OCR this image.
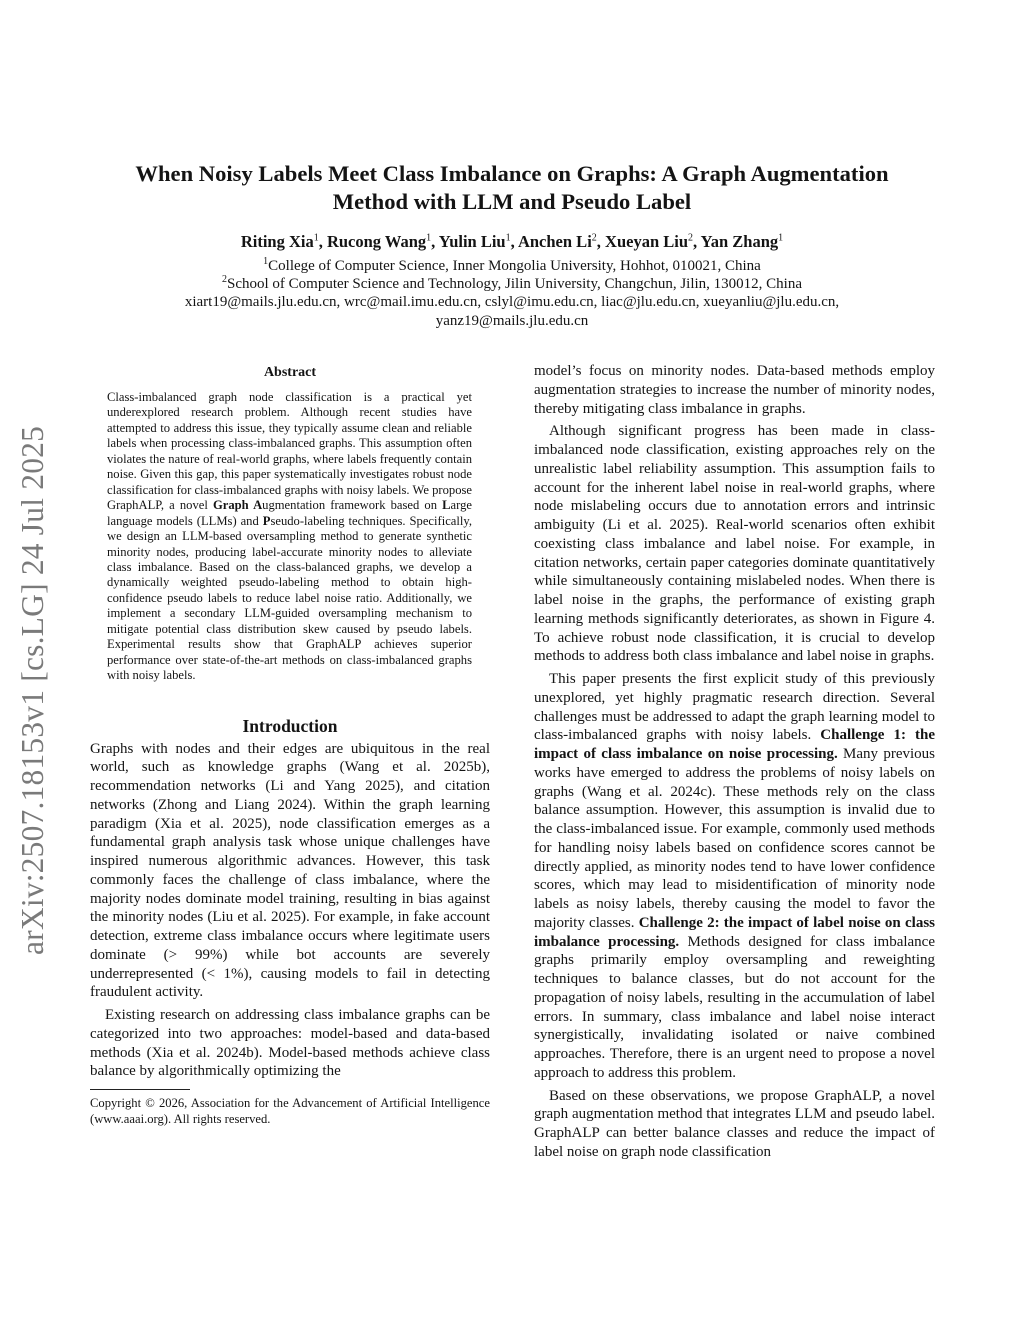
arXiv:2507.18153v1 [cs.LG] 24 Jul 2025
When Noisy Labels Meet Class Imbalance on Graphs: A Graph Augmentation Method with LLM and Pseudo Label
Riting Xia$^1$, Rucong Wang$^1$, Yulin Liu$^1$, Anchen Li$^2$, Xueyan Liu$^2$, Yan Zhang$^1$
$^1$College of Computer Science, Inner Mongolia University, Hohhot, 010021, China
$^2$School of Computer Science and Technology, Jilin University, Changchun, Jilin, 130012, China
xiart19@mails.jlu.edu.cn, wrc@mail.imu.edu.cn, cslyl@imu.edu.cn, liac@jlu.edu.cn, xueyanliu@jlu.edu.cn,
yanz19@mails.jlu.edu.cn
Abstract
Class-imbalanced graph node classification is a practical yet underexplored research problem. Although recent studies have attempted to address this issue, they typically assume clean and reliable labels when processing class-imbalanced graphs. This assumption often violates the nature of real-world graphs, where labels frequently contain noise. Given this gap, this paper systematically investigates robust node classification for class-imbalanced graphs with noisy labels. We propose GraphALP, a novel Graph Augmentation framework based on Large language models (LLMs) and Pseudo-labeling techniques. Specifically, we design an LLM-based oversampling method to generate synthetic minority nodes, producing label-accurate minority nodes to alleviate class imbalance. Based on the class-balanced graphs, we develop a dynamically weighted pseudo-labeling method to obtain high-confidence pseudo labels to reduce label noise ratio. Additionally, we implement a secondary LLM-guided oversampling mechanism to mitigate potential class distribution skew caused by pseudo labels. Experimental results show that GraphALP achieves superior performance over state-of-the-art methods on class-imbalanced graphs with noisy labels.
Introduction

Graphs with nodes and their edges are ubiquitous in the real world, such as knowledge graphs (Wang et al. 2025b), recommendation networks (Li and Yang 2025), and citation networks (Zhong and Liang 2024). Within the graph learning paradigm (Xia et al. 2025), node classification emerges as a fundamental graph analysis task whose unique challenges have inspired numerous algorithmic advances. However, this task commonly faces the challenge of class imbalance, where the majority nodes dominate model training, resulting in bias against the minority nodes (Liu et al. 2025). For example, in fake account detection, extreme class imbalance occurs where legitimate users dominate (> 99%) while bot accounts are severely underrepresented (< 1%), causing models to fail in detecting fraudulent activity.

Existing research on addressing class imbalance graphs can be categorized into two approaches: model-based and data-based methods (Xia et al. 2024b). Model-based methods achieve class balance by algorithmically optimizing the

Copyright © 2026, Association for the Advancement of Artificial Intelligence (www.aaai.org). All rights reserved.

model’s focus on minority nodes. Data-based methods employ augmentation strategies to increase the number of minority nodes, thereby mitigating class imbalance in graphs.

Although significant progress has been made in class-imbalanced node classification, existing approaches rely on the unrealistic label reliability assumption. This assumption fails to account for the inherent label noise in real-world graphs, where node mislabeling occurs due to annotation errors and intrinsic ambiguity (Li et al. 2025). Real-world scenarios often exhibit coexisting class imbalance and label noise. For example, in citation networks, certain paper categories dominate quantitatively while simultaneously containing mislabeled nodes. When there is label noise in the graphs, the performance of existing graph learning methods significantly deteriorates, as shown in Figure 4. To achieve robust node classification, it is crucial to develop methods to address both class imbalance and label noise in graphs.

This paper presents the first explicit study of this previously unexplored, yet highly pragmatic research direction. Several challenges must be addressed to adapt the graph learning model to class-imbalanced graphs with noisy labels. Challenge 1: the impact of class imbalance on noise processing. Many previous works have emerged to address the problems of noisy labels on graphs (Wang et al. 2024c). These methods rely on the class balance assumption. However, this assumption is invalid due to the class-imbalanced issue. For example, commonly used methods for handling noisy labels based on confidence scores cannot be directly applied, as minority nodes tend to have lower confidence scores, which may lead to misidentification of minority node labels as noisy labels, thereby causing the model to favor the majority classes. Challenge 2: the impact of label noise on class imbalance processing. Methods designed for class imbalance graphs primarily employ oversampling and reweighting techniques to balance classes, but do not account for the propagation of noisy labels, resulting in the accumulation of label errors. In summary, class imbalance and label noise interact synergistically, invalidating isolated or naive combined approaches. Therefore, there is an urgent need to propose a novel approach to address this problem.

Based on these observations, we propose GraphALP, a novel graph augmentation method that integrates LLM and pseudo label. GraphALP can better balance classes and reduce the impact of label noise on graph node classification
